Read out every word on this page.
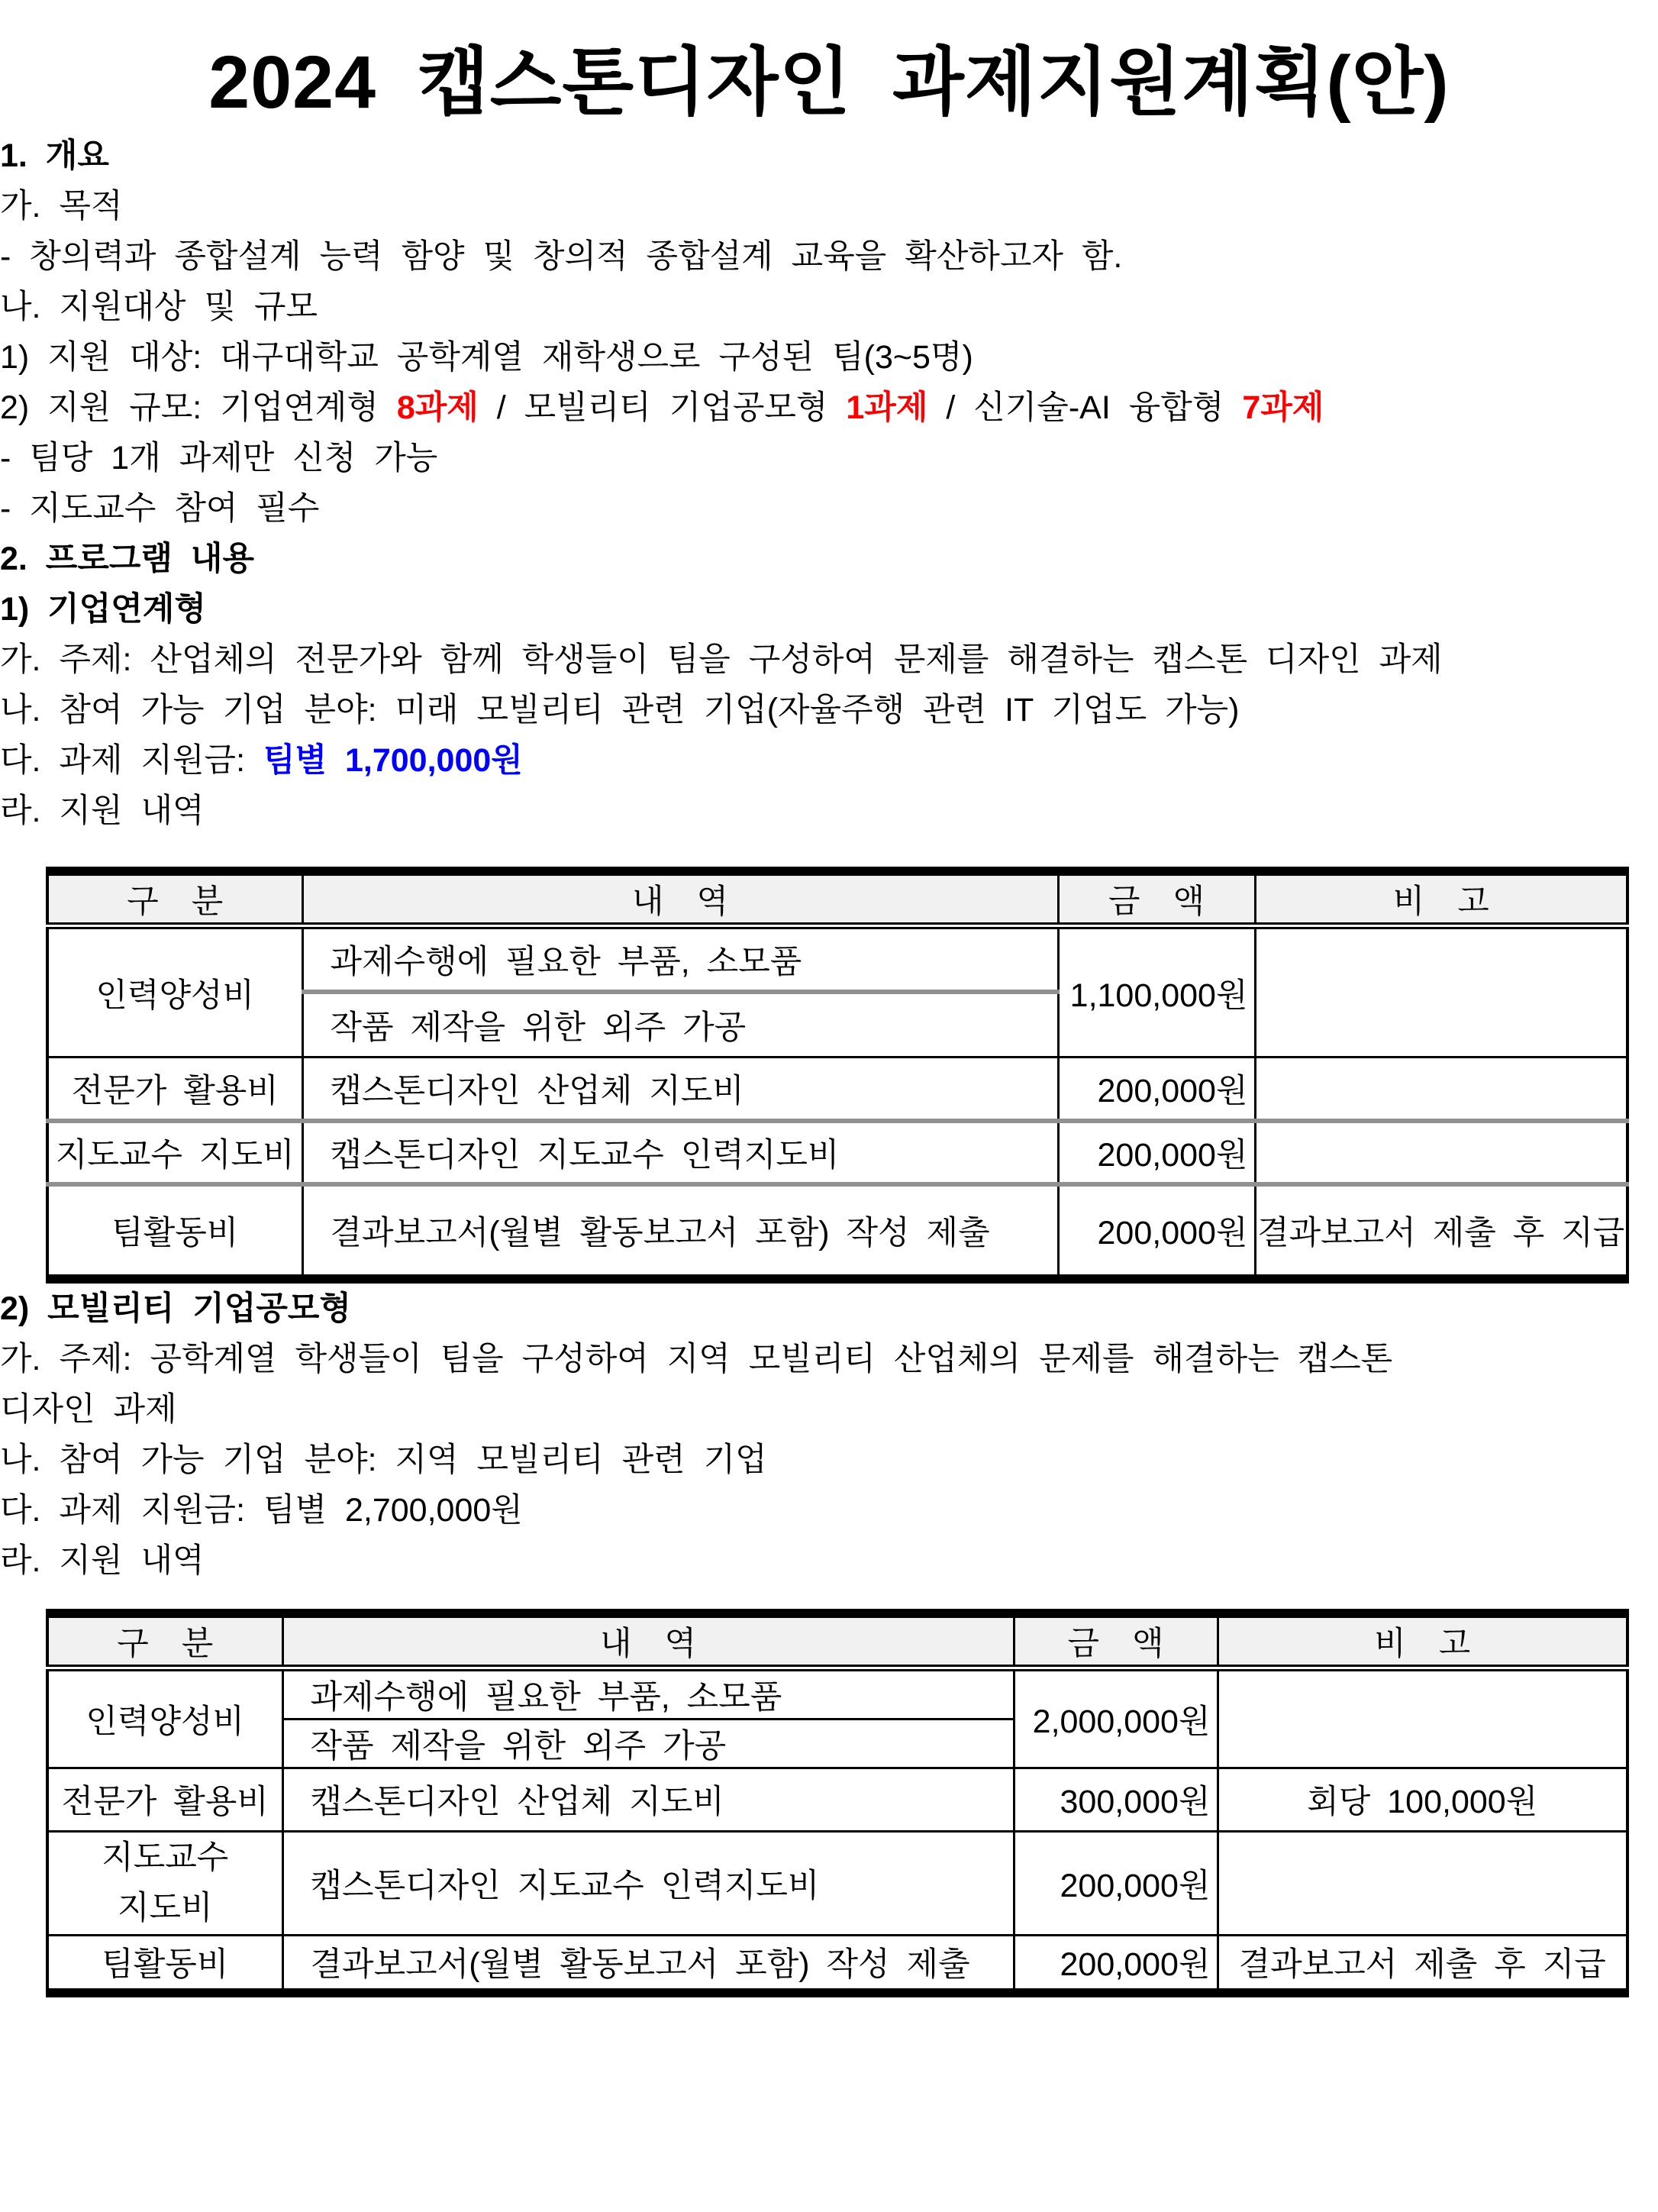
2024 캡스톤디자인 과제지원계획(안)

1. 개요

가. 목적

- 창의력과 종합설계 능력 함양 및 창의적 종합설계 교육을 확산하고자 함.

나. 지원대상 및 규모

1) 지원 대상: 대구대학교 공학계열 재학생으로 구성된 팀(3~5명)

2) 지원 규모: 기업연계형 8과제 / 모빌리티 기업공모형 1과제 / 신기술-AI 융합형 7과제

- 팀당 1개 과제만 신청 가능

- 지도교수 참여 필수

2. 프로그램 내용

1) 기업연계형

가. 주제: 산업체의 전문가와 함께 학생들이 팀을 구성하여 문제를 해결하는 캡스톤 디자인 과제

나. 참여 가능 기업 분야: 미래 모빌리티 관련 기업(자율주행 관련 IT 기업도 가능)

다. 과제 지원금: 팀별 1,700,000원

라. 지원 내역

구　분	내　역	금　액	비　고
인력양성비	과제수행에 필요한 부품, 소모품	1,100,000원	
	작품 제작을 위한 외주 가공		
전문가 활용비	캡스톤디자인 산업체 지도비	200,000원	
지도교수 지도비	캡스톤디자인 지도교수 인력지도비	200,000원	
팀활동비	결과보고서(월별 활동보고서 포함) 작성 제출	200,000원	결과보고서 제출 후 지급

2) 모빌리티 기업공모형

가. 주제: 공학계열 학생들이 팀을 구성하여 지역 모빌리티 산업체의 문제를 해결하는 캡스톤

디자인 과제

나. 참여 가능 기업 분야: 지역 모빌리티 관련 기업

다. 과제 지원금: 팀별 2,700,000원

라. 지원 내역

구　분	내　역	금　액	비　고
인력양성비	과제수행에 필요한 부품, 소모품	2,000,000원	
	작품 제작을 위한 외주 가공		
전문가 활용비	캡스톤디자인 산업체 지도비	300,000원	회당 100,000원

지도교수
지도비	캡스톤디자인 지도교수 인력지도비	200,000원	
팀활동비	결과보고서(월별 활동보고서 포함) 작성 제출	200,000원	결과보고서 제출 후 지급
